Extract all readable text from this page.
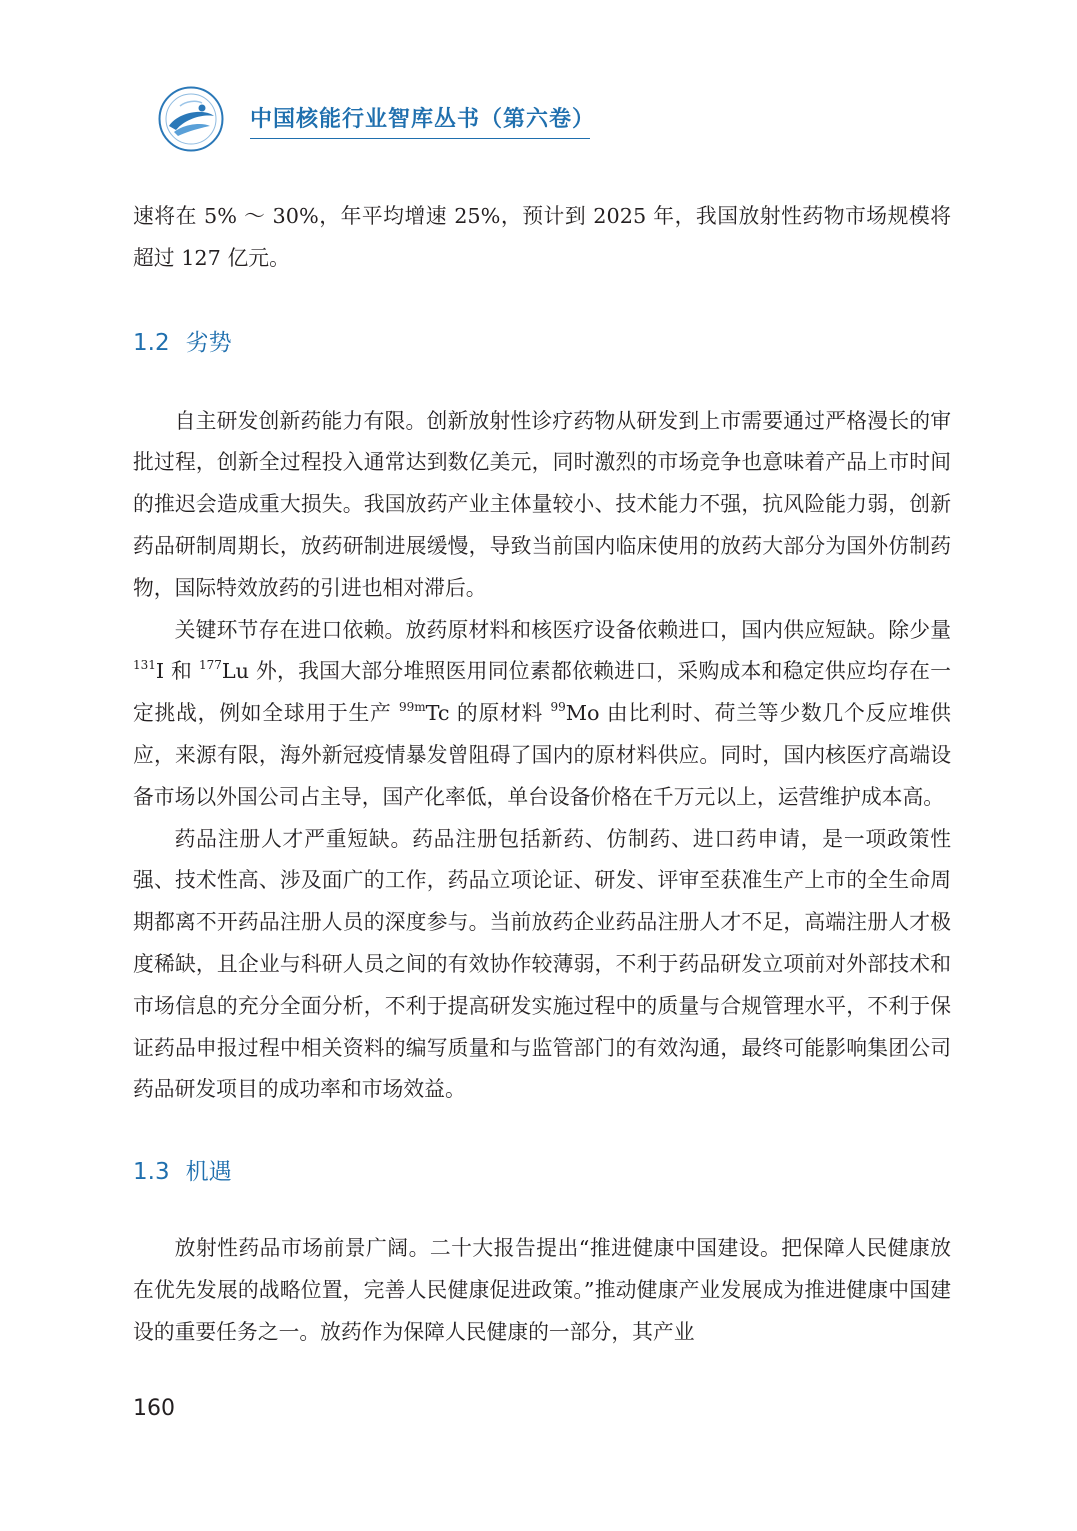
中国核能行业智库丛书（第六卷）

速将在 5% ～ 30%，年平均增速 25%，预计到 2025 年，我国放射性药物市场规模将超过 127 亿元。

1.2 劣势

自主研发创新药能力有限。创新放射性诊疗药物从研发到上市需要通过严格漫长的审批过程，创新全过程投入通常达到数亿美元，同时激烈的市场竞争也意味着产品上市时间的推迟会造成重大损失。我国放药产业主体量较小、技术能力不强，抗风险能力弱，创新药品研制周期长，放药研制进展缓慢，导致当前国内临床使用的放药大部分为国外仿制药物，国际特效放药的引进也相对滞后。

关键环节存在进口依赖。放药原材料和核医疗设备依赖进口，国内供应短缺。除少量 $^{131}$I 和 $^{177}$Lu 外，我国大部分堆照医用同位素都依赖进口，采购成本和稳定供应均存在一定挑战，例如全球用于生产 $^{99m}$Tc 的原材料 $^{99}$Mo 由比利时、荷兰等少数几个反应堆供应，来源有限，海外新冠疫情暴发曾阻碍了国内的原材料供应。同时，国内核医疗高端设备市场以外国公司占主导，国产化率低，单台设备价格在千万元以上，运营维护成本高。

药品注册人才严重短缺。药品注册包括新药、仿制药、进口药申请，是一项政策性强、技术性高、涉及面广的工作，药品立项论证、研发、评审至获准生产上市的全生命周期都离不开药品注册人员的深度参与。当前放药企业药品注册人才不足，高端注册人才极度稀缺，且企业与科研人员之间的有效协作较薄弱，不利于药品研发立项前对外部技术和市场信息的充分全面分析，不利于提高研发实施过程中的质量与合规管理水平，不利于保证药品申报过程中相关资料的编写质量和与监管部门的有效沟通，最终可能影响集团公司药品研发项目的成功率和市场效益。

1.3 机遇

放射性药品市场前景广阔。二十大报告提出“推进健康中国建设。把保障人民健康放在优先发展的战略位置，完善人民健康促进政策。”推动健康产业发展成为推进健康中国建设的重要任务之一。放药作为保障人民健康的一部分，其产业

160
